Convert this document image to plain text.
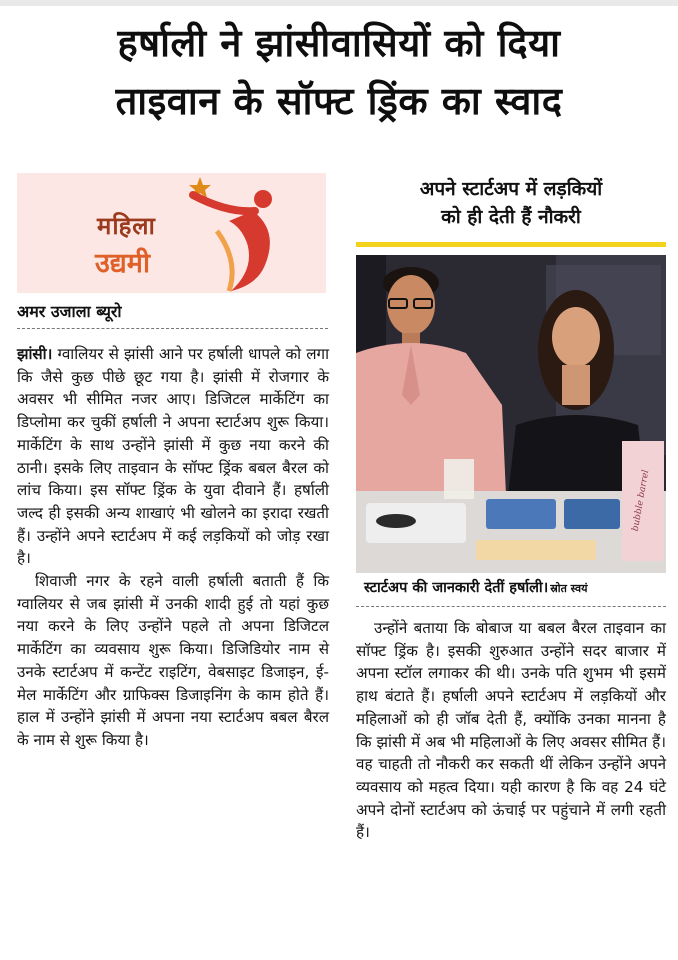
हर्षाली ने झांसीवासियों को दिया
ताइवान के सॉफ्ट ड्रिंक का स्वाद
महिला
उद्यमी
अमर उजाला ब्यूरो

झांसी। ग्वालियर से झांसी आने पर हर्षाली धापले को लगा कि जैसे कुछ पीछे छूट गया है। झांसी में रोजगार के अवसर भी सीमित नजर आए। डिजिटल मार्केटिंग का डिप्लोमा कर चुकीं हर्षाली ने अपना स्टार्टअप शुरू किया। मार्केटिंग के साथ उन्होंने झांसी में कुछ नया करने की ठानी। इसके लिए ताइवान के सॉफ्ट ड्रिंक बबल बैरल को लांच किया। इस सॉफ्ट ड्रिंक के युवा दीवाने हैं। हर्षाली जल्द ही इसकी अन्य शाखाएं भी खोलने का इरादा रखती हैं। उन्होंने अपने स्टार्टअप में कई लड़कियों को जोड़ रखा है।

शिवाजी नगर के रहने वाली हर्षाली बताती हैं कि ग्वालियर से जब झांसी में उनकी शादी हुई तो यहां कुछ नया करने के लिए उन्होंने पहले तो अपना डिजिटल मार्केटिंग का व्यवसाय शुरू किया। डिजिडियोर नाम से उनके स्टार्टअप में कन्टेंट राइटिंग, वेबसाइट डिजाइन, ई-मेल मार्केटिंग और ग्राफिक्स डिजाइनिंग के काम होते हैं। हाल में उन्होंने झांसी में अपना नया स्टार्टअप बबल बैरल के नाम से शुरू किया है।

अपने स्टार्टअप में लड़कियों
को ही देती हैं नौकरी
bubble barrel
स्टार्टअप की जानकारी देतीं हर्षाली। स्रोत स्वयं

उन्होंने बताया कि बोबाज या बबल बैरल ताइवान का सॉफ्ट ड्रिंक है। इसकी शुरुआत उन्होंने सदर बाजार में अपना स्टॉल लगाकर की थी। उनके पति शुभम भी इसमें हाथ बंटाते हैं। हर्षाली अपने स्टार्टअप में लड़कियों और महिलाओं को ही जॉब देती हैं, क्योंकि उनका मानना है कि झांसी में अब भी महिलाओं के लिए अवसर सीमित हैं। वह चाहती तो नौकरी कर सकती थीं लेकिन उन्होंने अपने व्यवसाय को महत्व दिया। यही कारण है कि वह 24 घंटे अपने दोनों स्टार्टअप को ऊंचाई पर पहुंचाने में लगी रहती हैं।
